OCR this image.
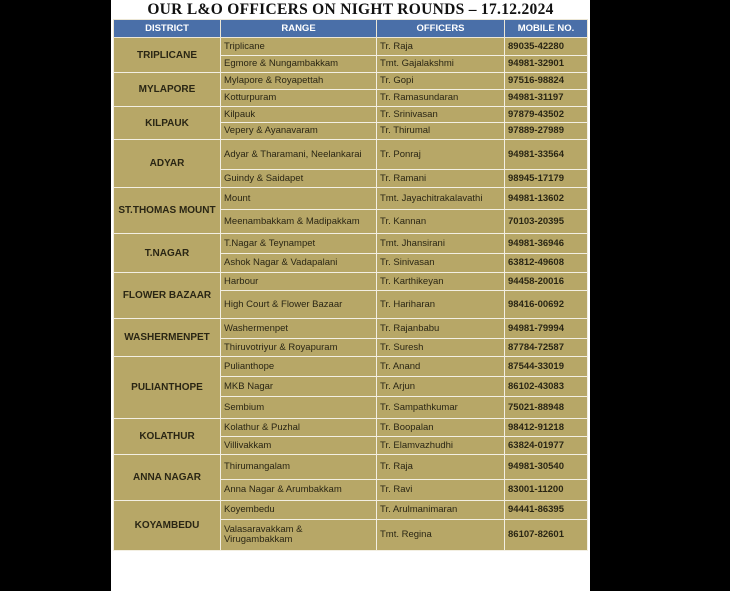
OUR L&O OFFICERS ON NIGHT ROUNDS – 17.12.2024
DISTRICT	RANGE	OFFICERS	MOBILE NO.
TRIPLICANE	Triplicane	Tr. Raja	89035-42280
	Egmore & Nungambakkam	Tmt. Gajalakshmi	94981-32901
MYLAPORE	Mylapore & Royapettah	Tr. Gopi	97516-98824
	Kotturpuram	Tr. Ramasundaran	94981-31197
KILPAUK	Kilpauk	Tr. Srinivasan	97879-43502
	Vepery & Ayanavaram	Tr. Thirumal	97889-27989
ADYAR	Adyar & Tharamani, Neelankarai	Tr. Ponraj	94981-33564
	Guindy & Saidapet	Tr. Ramani	98945-17179
ST.THOMAS MOUNT	Mount	Tmt. Jayachitrakalavathi	94981-13602
	Meenambakkam & Madipakkam	Tr. Kannan	70103-20395
T.NAGAR	T.Nagar & Teynampet	Tmt. Jhansirani	94981-36946
	Ashok Nagar & Vadapalani	Tr. Sinivasan	63812-49608
FLOWER BAZAAR	Harbour	Tr. Karthikeyan	94458-20016
	High Court & Flower Bazaar	Tr. Hariharan	98416-00692
WASHERMENPET	Washermenpet	Tr. Rajanbabu	94981-79994
	Thiruvotriyur & Royapuram	Tr. Suresh	87784-72587
PULIANTHOPE	Pulianthope	Tr. Anand	87544-33019
	MKB Nagar	Tr. Arjun	86102-43083
	Sembium	Tr. Sampathkumar	75021-88948
KOLATHUR	Kolathur & Puzhal	Tr. Boopalan	98412-91218
	Villivakkam	Tr. Elamvazhudhi	63824-01977
ANNA NAGAR	Thirumangalam	Tr. Raja	94981-30540
	Anna Nagar & Arumbakkam	Tr. Ravi	83001-11200
KOYAMBEDU	Koyembedu	Tr. Arulmanimaran	94441-86395
	Valasaravakkam & Virugambakkam	Tmt. Regina	86107-82601
